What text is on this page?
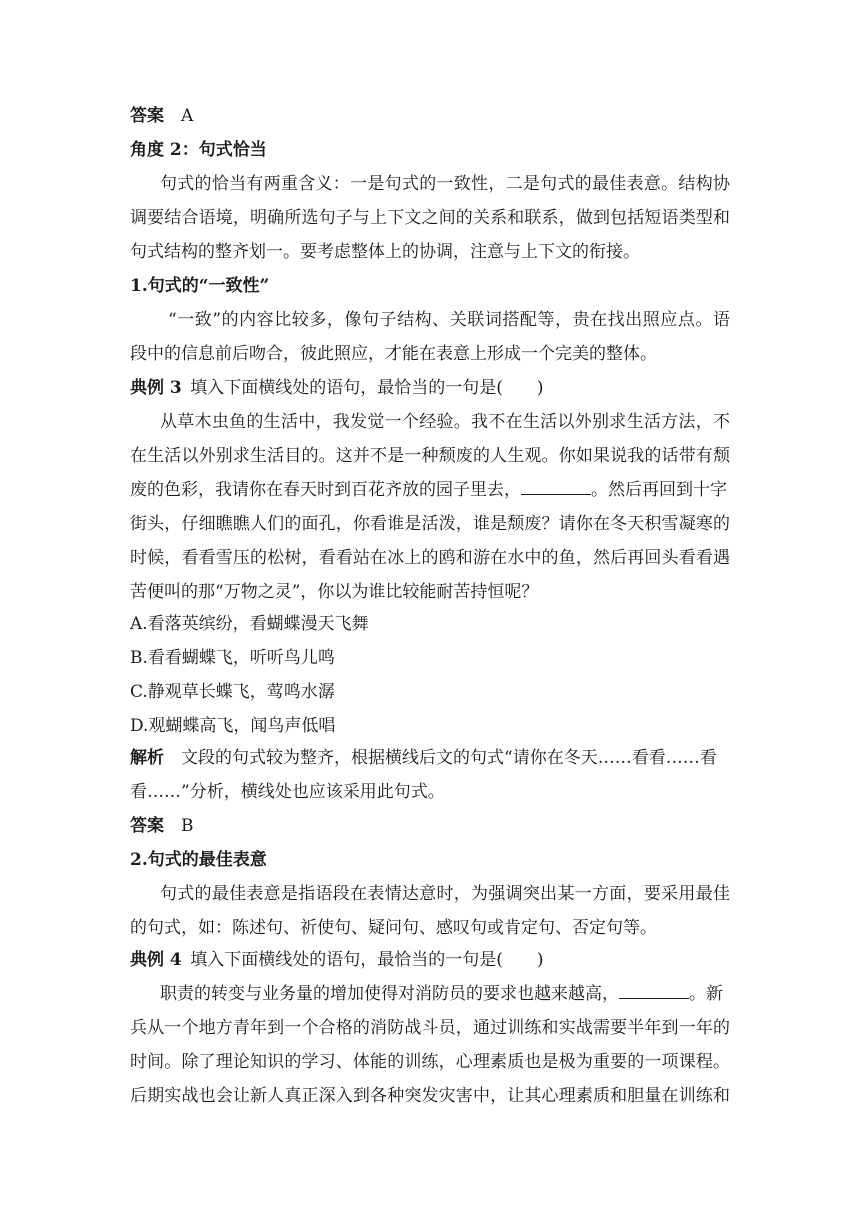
答案　 A
角度 2：句式恰当
句式的恰当有两重含义：一是句式的一致性，二是句式的最佳表意。结构协
调要结合语境，明确所选句子与上下文之间的关系和联系，做到包括短语类型和
句式结构的整齐划一。要考虑整体上的协调，注意与上下文的衔接。
1.句式的“一致性”
“一致”的内容比较多，像句子结构、关联词搭配等，贵在找出照应点。语
段中的信息前后吻合，彼此照应，才能在表意上形成一个完美的整体。
典例 3  填入下面横线处的语句，最恰当的一句是(　　)
从草木虫鱼的生活中，我发觉一个经验。我不在生活以外别求生活方法，不
在生活以外别求生活目的。这并不是一种颓废的人生观。你如果说我的话带有颓
废的色彩，我请你在春天时到百花齐放的园子里去，	。然后再回到十字
街头，仔细瞧瞧人们的面孔，你看谁是活泼，谁是颓废？请你在冬天积雪凝寒的
时候，看看雪压的松树，看看站在冰上的鸥和游在水中的鱼，然后再回头看看遇
苦便叫的那“万物之灵”，你以为谁比较能耐苦持恒呢？
A.看落英缤纷，看蝴蝶漫天飞舞
B.看看蝴蝶飞，听听鸟儿鸣
C.静观草长蝶飞，莺鸣水潺
D.观蝴蝶高飞，闻鸟声低唱
解析　 文段的句式较为整齐，根据横线后文的句式“请你在冬天……看看……看
看……”分析，横线处也应该采用此句式。
答案　 B
2.句式的最佳表意
句式的最佳表意是指语段在表情达意时，为强调突出某一方面，要采用最佳
的句式，如：陈述句、祈使句、疑问句、感叹句或肯定句、否定句等。
典例 4  填入下面横线处的语句，最恰当的一句是(　　)
职责的转变与业务量的增加使得对消防员的要求也越来越高，	。新
兵从一个地方青年到一个合格的消防战斗员，通过训练和实战需要半年到一年的
时间。除了理论知识的学习、体能的训练，心理素质也是极为重要的一项课程。
后期实战也会让新人真正深入到各种突发灾害中，让其心理素质和胆量在训练和
